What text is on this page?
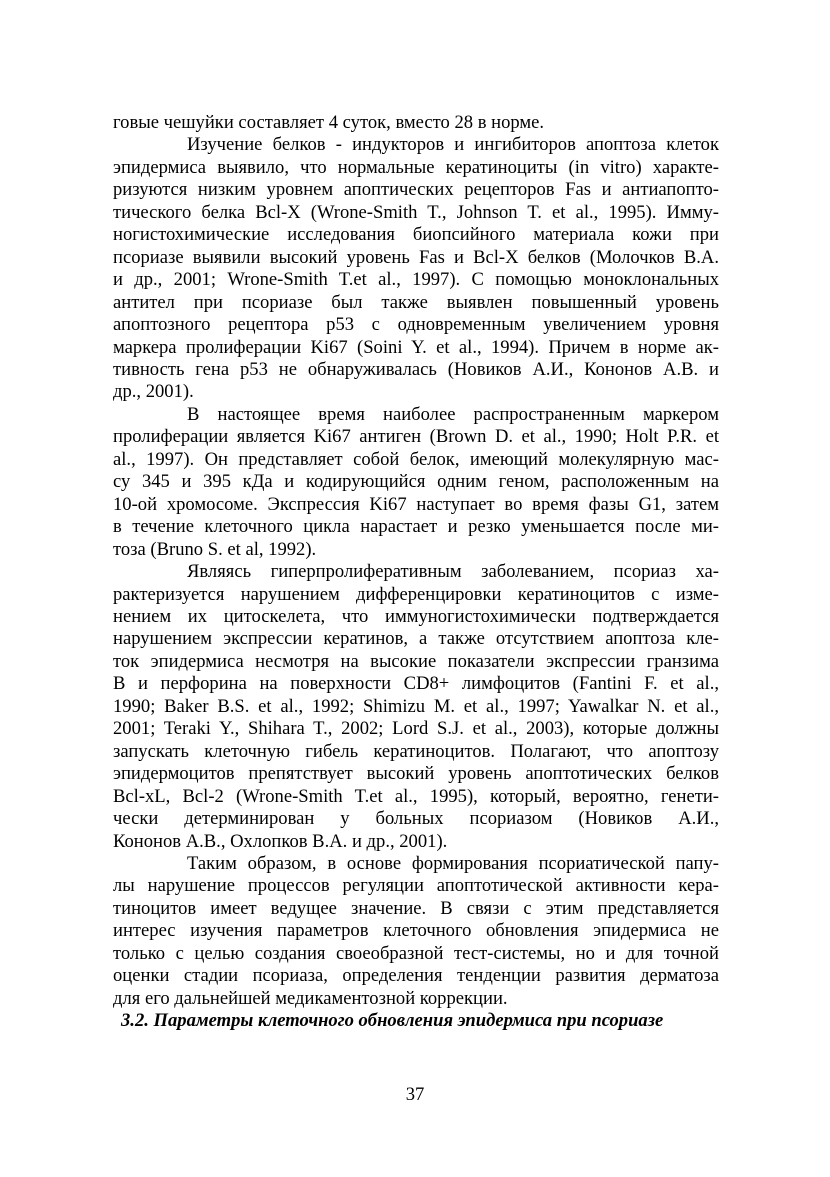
говые чешуйки составляет 4 суток, вместо 28 в норме.
Изучение белков - индукторов и ингибиторов апоптоза клеток
эпидермиса выявило, что нормальные кератиноциты (in vitro) характе-
ризуются низким уровнем апоптических рецепторов Fas и антиапопто-
тического белка Bcl-X (Wrone-Smith T., Johnson T. et al., 1995). Имму-
ногистохимические исследования биопсийного материала кожи при
псориазе выявили высокий уровень Fas и Bcl-X белков (Молочков В.А.
и др., 2001; Wrone-Smith T.et al., 1997). С помощью моноклональных
антител при псориазе был также выявлен повышенный уровень
апоптозного рецептора p53 с одновременным увеличением уровня
маркера пролиферации Ki67 (Soini Y. et al., 1994). Причем в норме ак-
тивность гена p53 не обнаруживалась (Новиков А.И., Кононов А.В. и
др., 2001).
В настоящее время наиболее распространенным маркером
пролиферации является Ki67 антиген (Brown D. et al., 1990; Holt P.R. et
al., 1997). Он представляет собой белок, имеющий молекулярную мас-
су 345 и 395 кДа и кодирующийся одним геном, расположенным на
10-ой хромосоме. Экспрессия Ki67 наступает во время фазы G1, затем
в течение клеточного цикла нарастает и резко уменьшается после ми-
тоза (Bruno S. et al, 1992).
Являясь гиперпролиферативным заболеванием, псориаз ха-
рактеризуется нарушением дифференцировки кератиноцитов с изме-
нением их цитоскелета, что иммуногистохимически подтверждается
нарушением экспрессии кератинов, а также отсутствием апоптоза кле-
ток эпидермиса несмотря на высокие показатели экспрессии гранзима
B и перфорина на поверхности CD8+ лимфоцитов (Fantini F. et al.,
1990; Baker B.S. et al., 1992; Shimizu M. et al., 1997; Yawalkar N. et al.,
2001; Teraki Y., Shihara T., 2002; Lord S.J. et al., 2003), которые должны
запускать клеточную гибель кератиноцитов. Полагают, что апоптозу
эпидермоцитов препятствует высокий уровень апоптотических белков
Bcl-xL, Bcl-2 (Wrone-Smith T.et al., 1995), который, вероятно, генети-
чески детерминирован у больных псориазом (Новиков А.И.,
Кононов А.В., Охлопков В.А. и др., 2001).
Таким образом, в основе формирования псориатической папу-
лы нарушение процессов регуляции апоптотической активности кера-
тиноцитов имеет ведущее значение. В связи с этим представляется
интерес изучения параметров клеточного обновления эпидермиса не
только с целью создания своеобразной тест-системы, но и для точной
оценки стадии псориаза, определения тенденции развития дерматоза
для его дальнейшей медикаментозной коррекции.
3.2. Параметры клеточного обновления эпидермиса при псориазе
37
